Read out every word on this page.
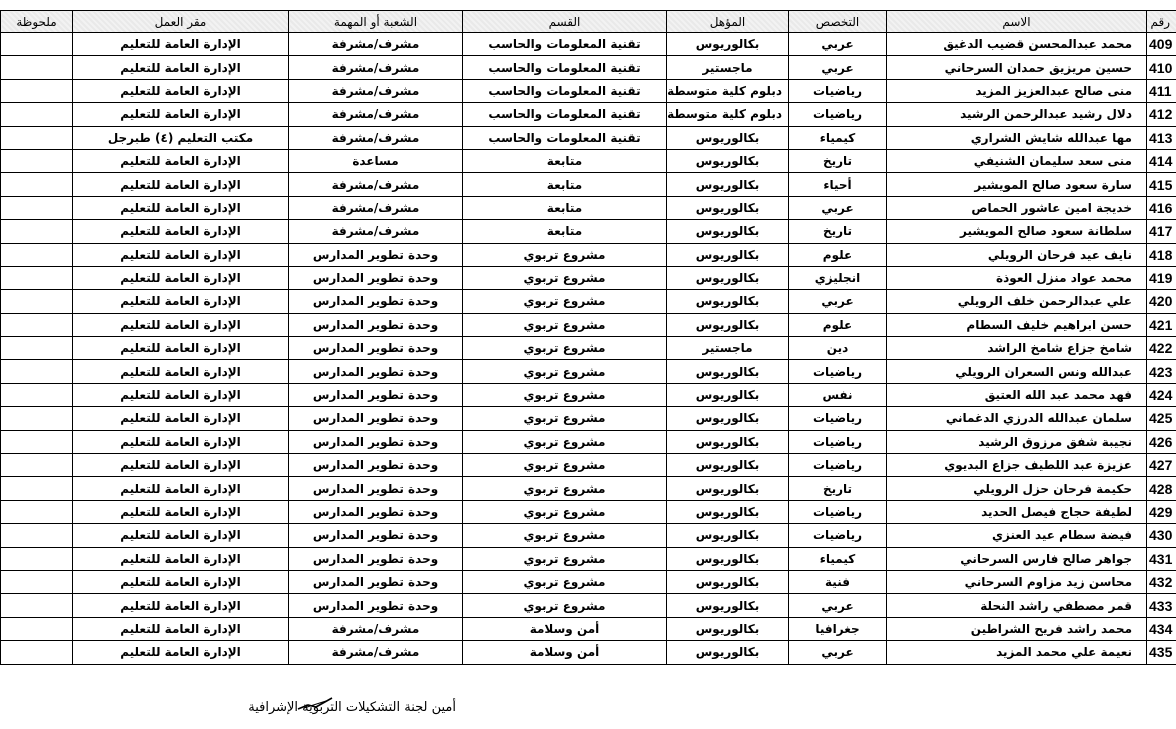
رقم	الاسم	التخصص	المؤهل	القسم	الشعبة أو المهمة	مقر العمل	ملحوظة
409	محمد عبدالمحسن قضيب الدغيق	عربي	بكالوريوس	تقنية المعلومات والحاسب	مشرف/مشرفة	الإدارة العامة للتعليم	
410	حسين مريزيق حمدان السرحاني	عربي	ماجستير	تقنية المعلومات والحاسب	مشرف/مشرفة	الإدارة العامة للتعليم	
411	منى صالح عبدالعزيز المزيد	رياضيات	دبلوم كلية متوسطة	تقنية المعلومات والحاسب	مشرف/مشرفة	الإدارة العامة للتعليم	
412	دلال رشيد عبدالرحمن الرشيد	رياضيات	دبلوم كلية متوسطة	تقنية المعلومات والحاسب	مشرف/مشرفة	الإدارة العامة للتعليم	
413	مها عبدالله شايش الشراري	كيمياء	بكالوريوس	تقنية المعلومات والحاسب	مشرف/مشرفة	مكتب التعليم (٤) طبرجل	
414	منى سعد سليمان الشنيفي	تاريخ	بكالوريوس	متابعة	مساعدة	الإدارة العامة للتعليم	
415	سارة سعود صالح المويشير	أحياء	بكالوريوس	متابعة	مشرف/مشرفة	الإدارة العامة للتعليم	
416	خديجة امين عاشور الحماص	عربي	بكالوريوس	متابعة	مشرف/مشرفة	الإدارة العامة للتعليم	
417	سلطانة سعود صالح المويشير	تاريخ	بكالوريوس	متابعة	مشرف/مشرفة	الإدارة العامة للتعليم	
418	نايف عيد فرحان الرويلي	علوم	بكالوريوس	مشروع تربوي	وحدة تطوير المدارس	الإدارة العامة للتعليم	
419	محمد عواد منزل العوذة	انجليزي	بكالوريوس	مشروع تربوي	وحدة تطوير المدارس	الإدارة العامة للتعليم	
420	علي عبدالرحمن خلف الرويلي	عربي	بكالوريوس	مشروع تربوي	وحدة تطوير المدارس	الإدارة العامة للتعليم	
421	حسن ابراهيم خليف السطام	علوم	بكالوريوس	مشروع تربوي	وحدة تطوير المدارس	الإدارة العامة للتعليم	
422	شامخ جزاع شامخ الراشد	دين	ماجستير	مشروع تربوي	وحدة تطوير المدارس	الإدارة العامة للتعليم	
423	عبدالله ونس السعران الرويلي	رياضيات	بكالوريوس	مشروع تربوي	وحدة تطوير المدارس	الإدارة العامة للتعليم	
424	فهد محمد عبد الله العتيق	نفس	بكالوريوس	مشروع تربوي	وحدة تطوير المدارس	الإدارة العامة للتعليم	
425	سلمان عبدالله الدرزي الدغماني	رياضيات	بكالوريوس	مشروع تربوي	وحدة تطوير المدارس	الإدارة العامة للتعليم	
426	نجيبة شفق مرزوق الرشيد	رياضيات	بكالوريوس	مشروع تربوي	وحدة تطوير المدارس	الإدارة العامة للتعليم	
427	عزيزة عبد اللطيف جزاع البديوي	رياضيات	بكالوريوس	مشروع تربوي	وحدة تطوير المدارس	الإدارة العامة للتعليم	
428	حكيمة فرحان حزل الرويلي	تاريخ	بكالوريوس	مشروع تربوي	وحدة تطوير المدارس	الإدارة العامة للتعليم	
429	لطيفة حجاج فيصل الحديد	رياضيات	بكالوريوس	مشروع تربوي	وحدة تطوير المدارس	الإدارة العامة للتعليم	
430	فيضة سطام عيد العنزي	رياضيات	بكالوريوس	مشروع تربوي	وحدة تطوير المدارس	الإدارة العامة للتعليم	
431	جواهر صالح فارس السرحاني	كيمياء	بكالوريوس	مشروع تربوي	وحدة تطوير المدارس	الإدارة العامة للتعليم	
432	محاسن زيد مزاوم السرحاني	فنية	بكالوريوس	مشروع تربوي	وحدة تطوير المدارس	الإدارة العامة للتعليم	
433	قمر مصطفي راشد النحلة	عربي	بكالوريوس	مشروع تربوي	وحدة تطوير المدارس	الإدارة العامة للتعليم	
434	محمد راشد فريح الشراطين	جغرافيا	بكالوريوس	أمن وسلامة	مشرف/مشرفة	الإدارة العامة للتعليم	
435	نعيمة علي محمد المزيد	عربي	بكالوريوس	أمن وسلامة	مشرف/مشرفة	الإدارة العامة للتعليم	
أمين لجنة التشكيلات التربوية الإشرافية
